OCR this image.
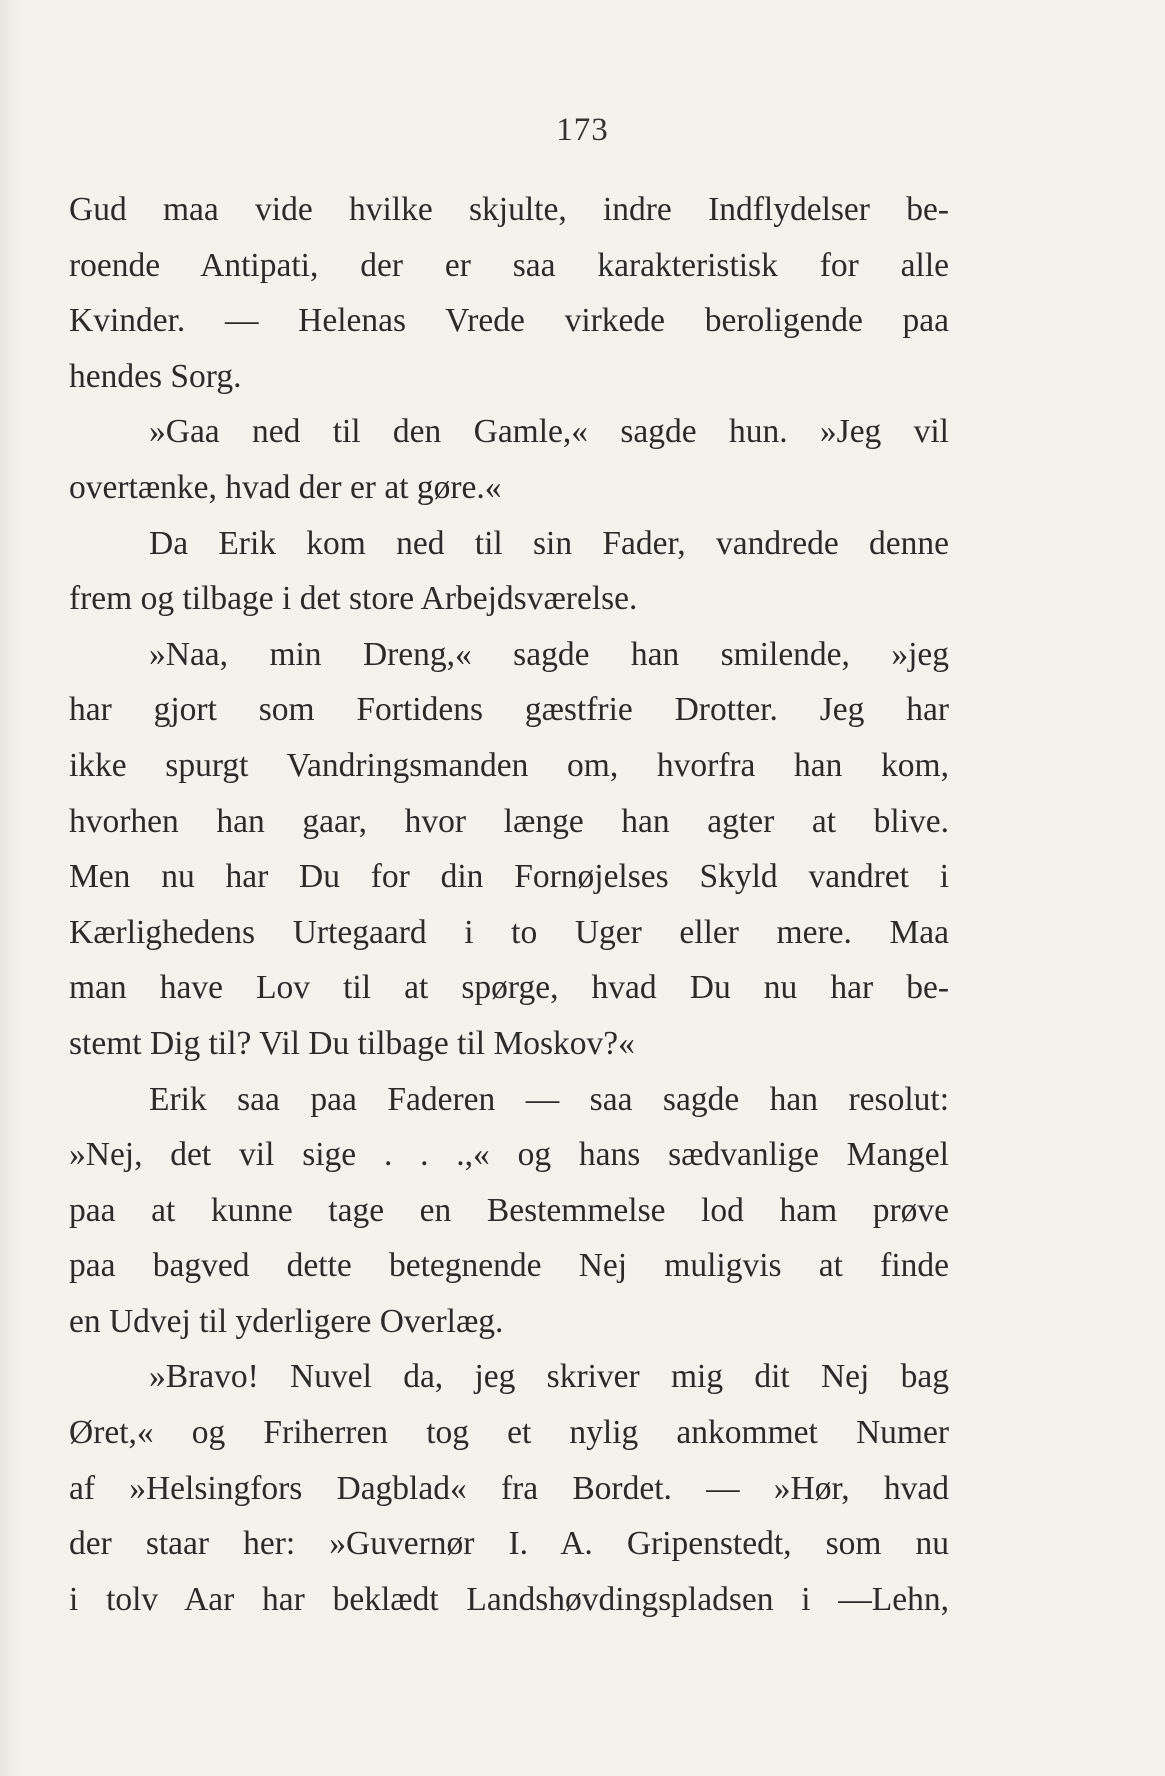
173
Gud maa vide hvilke skjulte, indre Indflydelser be-
roende Antipati, der er saa karakteristisk for alle
Kvinder. — Helenas Vrede virkede beroligende paa
hendes Sorg.
»Gaa ned til den Gamle,« sagde hun. »Jeg vil
overtænke, hvad der er at gøre.«
Da Erik kom ned til sin Fader, vandrede denne
frem og tilbage i det store Arbejdsværelse.
»Naa, min Dreng,« sagde han smilende, »jeg
har gjort som Fortidens gæstfrie Drotter. Jeg har
ikke spurgt Vandringsmanden om, hvorfra han kom,
hvorhen han gaar, hvor længe han agter at blive.
Men nu har Du for din Fornøjelses Skyld vandret i
Kærlighedens Urtegaard i to Uger eller mere. Maa
man have Lov til at spørge, hvad Du nu har be-
stemt Dig til? Vil Du tilbage til Moskov?«
Erik saa paa Faderen — saa sagde han resolut:
»Nej, det vil sige . . .,« og hans sædvanlige Mangel
paa at kunne tage en Bestemmelse lod ham prøve
paa bagved dette betegnende Nej muligvis at finde
en Udvej til yderligere Overlæg.
»Bravo! Nuvel da, jeg skriver mig dit Nej bag
Øret,« og Friherren tog et nylig ankommet Numer
af »Helsingfors Dagblad« fra Bordet. — »Hør, hvad
der staar her: »Guvernør I. A. Gripenstedt, som nu
i tolv Aar har beklædt Landshøvdingspladsen i —Lehn,
